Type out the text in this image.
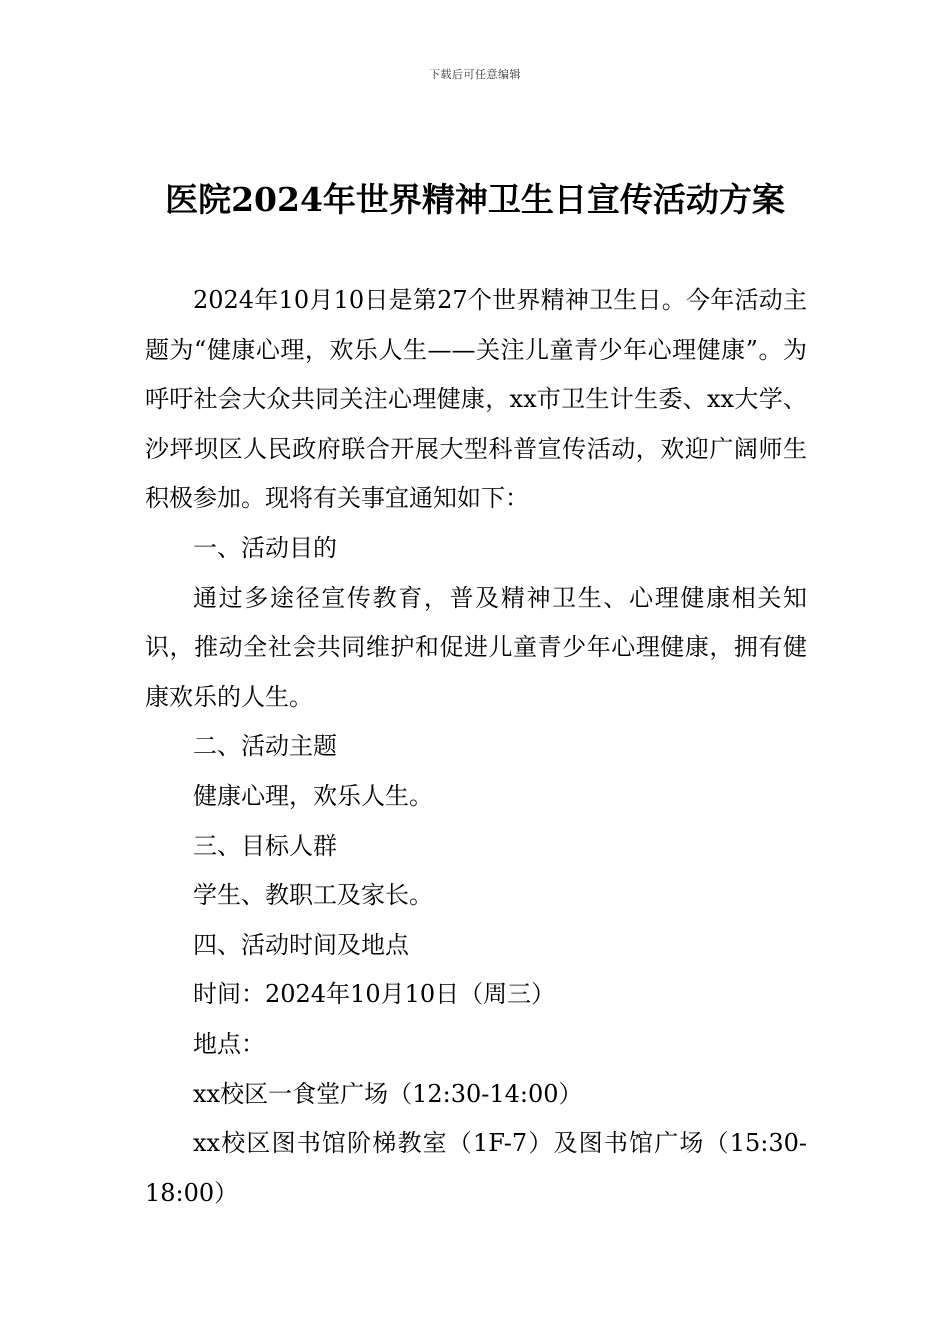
下载后可任意编辑
医院2024年世界精神卫生日宣传活动方案

2024年10月10日是第27个世界精神卫生日。今年活动主题为“健康心理，欢乐人生——关注儿童青少年心理健康”。为呼吁社会大众共同关注心理健康，xx市卫生计生委、xx大学、沙坪坝区人民政府联合开展大型科普宣传活动，欢迎广阔师生积极参加。现将有关事宜通知如下：

一、活动目的

通过多途径宣传教育，普及精神卫生、心理健康相关知识，推动全社会共同维护和促进儿童青少年心理健康，拥有健康欢乐的人生。

二、活动主题

健康心理，欢乐人生。

三、目标人群

学生、教职工及家长。

四、活动时间及地点

时间：2024年10月10日（周三）

地点：

xx校区一食堂广场（12:30-14:00）

xx校区图书馆阶梯教室（1F-7）及图书馆广场（15:30-18:00）
